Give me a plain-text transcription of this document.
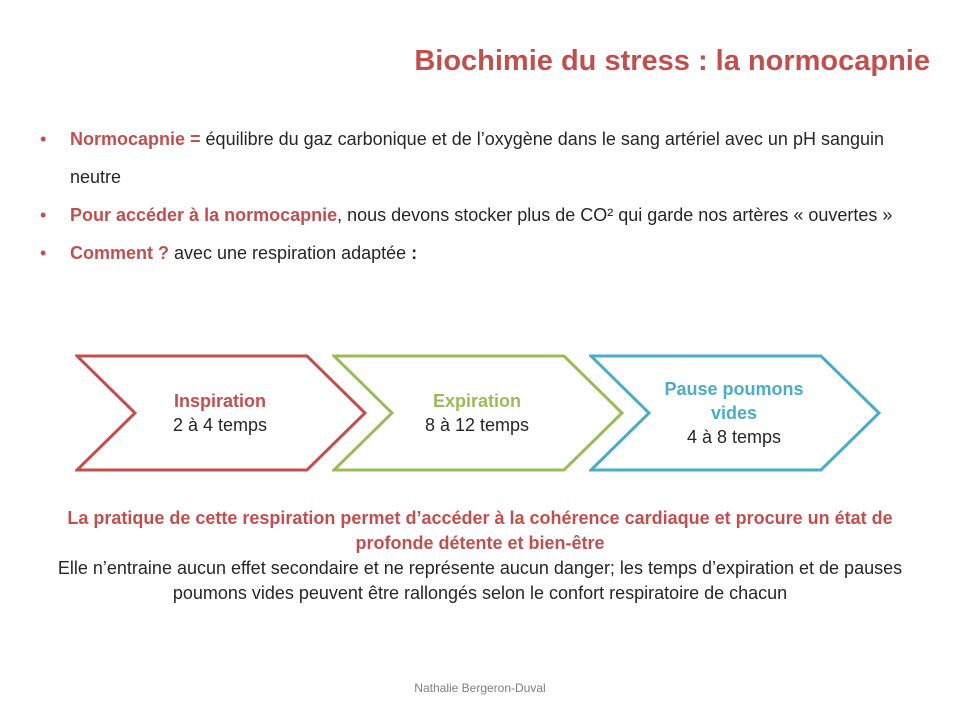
Biochimie du stress : la normocapnie
• Normocapnie = équilibre du gaz carbonique et de l’oxygène dans le sang artériel avec un pH sanguin neutre
• Pour accéder à la normocapnie, nous devons stocker plus de CO² qui garde nos artères « ouvertes »
• Comment ? avec une respiration adaptée :
Inspiration
2 à 4 temps
Expiration
8 à 12 temps
Pause poumons vides
4 à 8 temps
La pratique de cette respiration permet d’accéder à la cohérence cardiaque et procure un état de profonde détente et bien-être
Elle n’entraine aucun effet secondaire et ne représente aucun danger; les temps d’expiration et de pauses poumons vides peuvent être rallongés selon le confort respiratoire de chacun
Nathalie Bergeron-Duval
